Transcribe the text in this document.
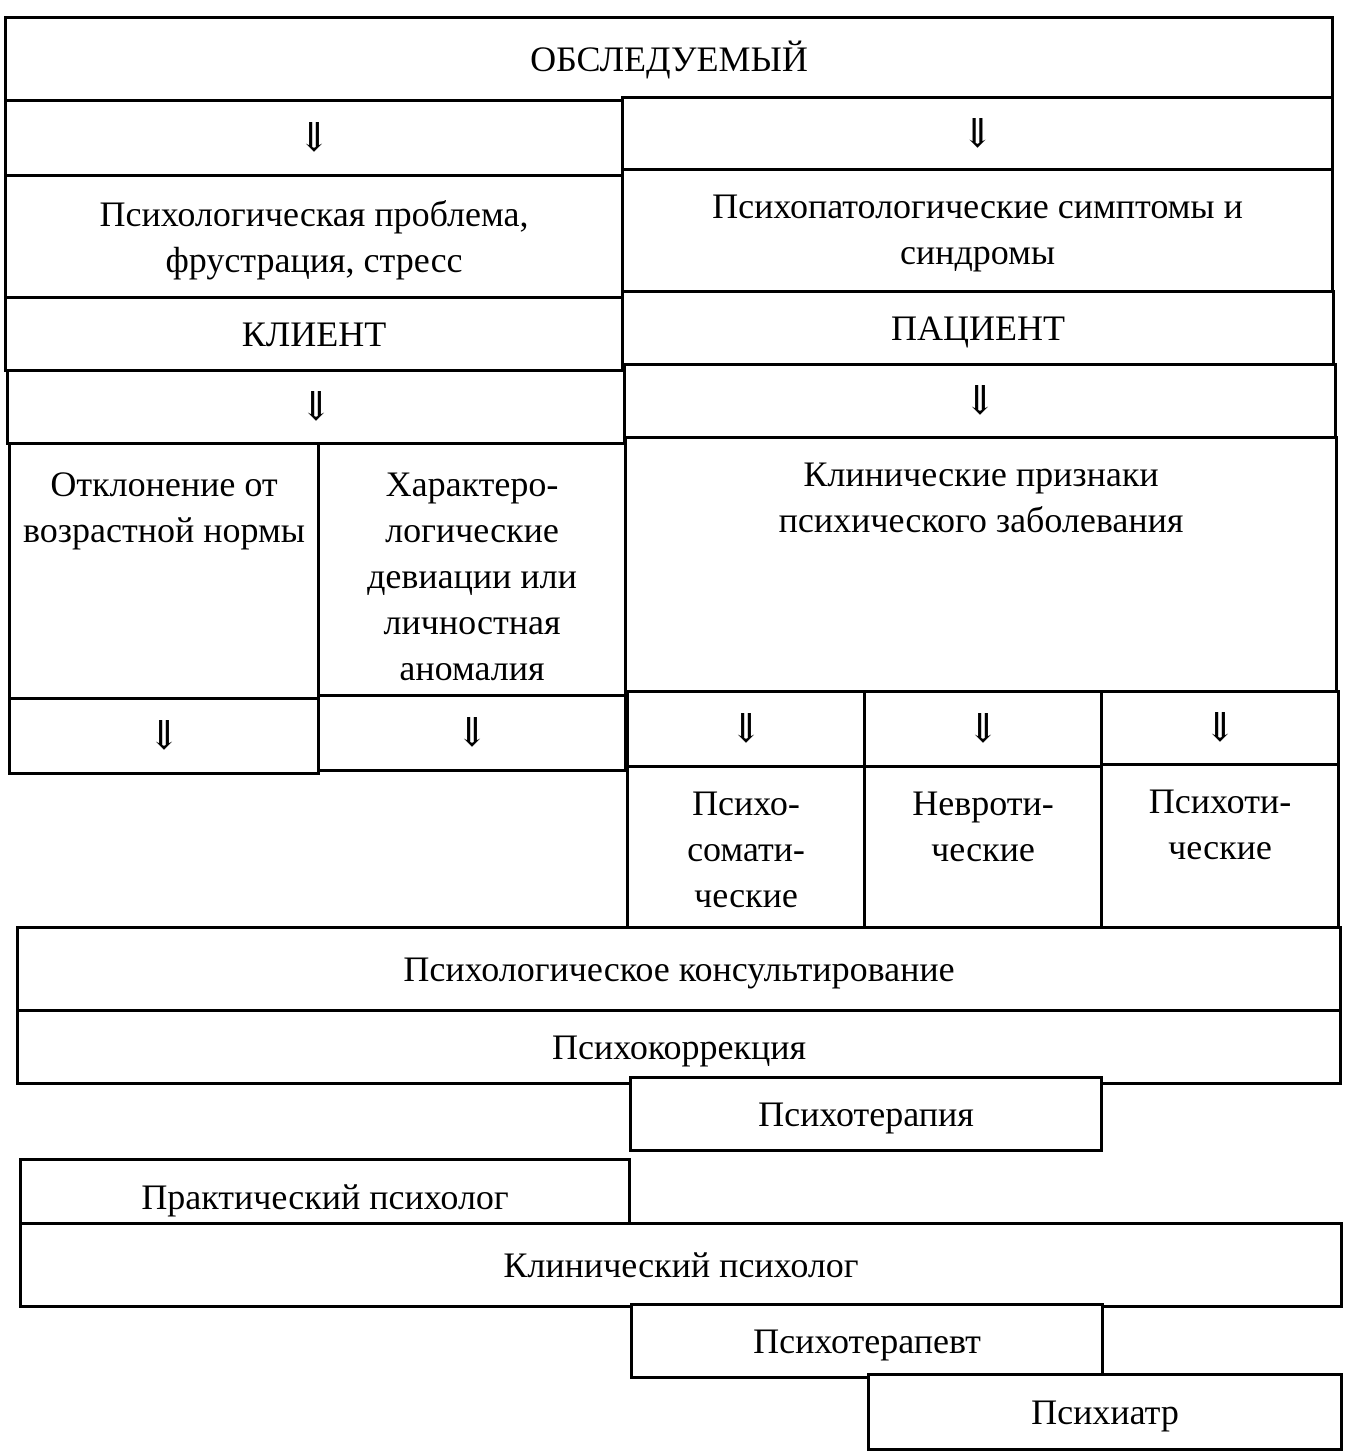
ОБСЛЕДУЕМЫЙ
⇓	⇓
Психологическая проблема, фрустрация, стресс
Психопатологические симптомы и синдромы
КЛИЕНТ	ПАЦИЕНТ
⇓	⇓
Отклонение от возрастной нормы
Характеро-логические девиации или личностная аномалия
Клинические признаки психического заболевания
⇓	⇓	⇓	⇓	⇓
Психо-сомати-ческие
Невроти-ческие
Психоти-ческие
Психологическое консультирование
Психокоррекция
Психотерапия
Практический психолог
Клинический психолог
Психотерапевт
Психиатр
